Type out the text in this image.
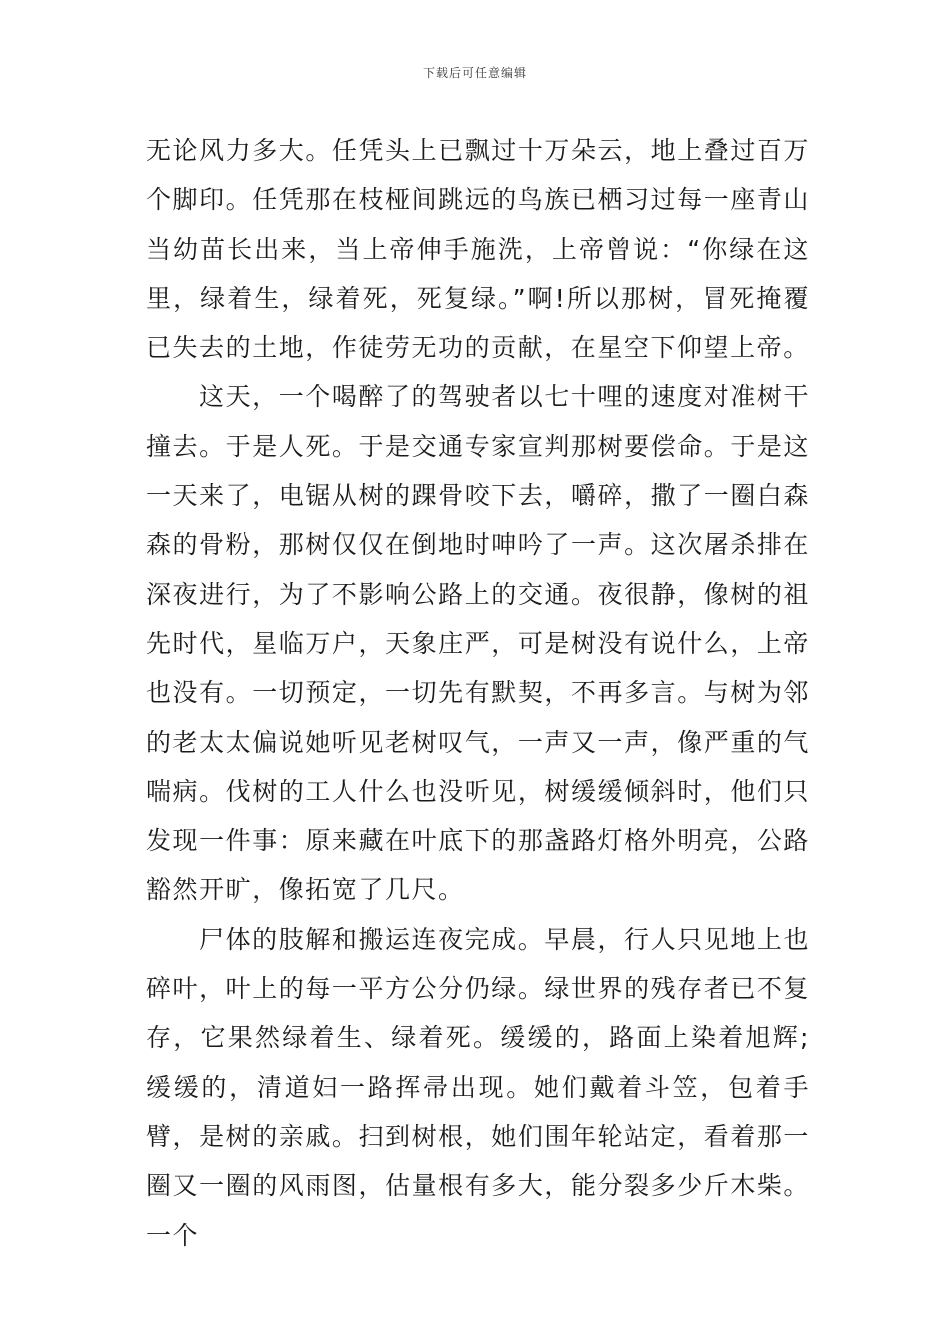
下载后可任意编辑

无论风力多大。任凭头上已飘过十万朵云，地上叠过百万个脚印。任凭那在枝桠间跳远的鸟族已栖习过每一座青山当幼苗长出来，当上帝伸手施洗，上帝曾说：“你绿在这里，绿着生，绿着死，死复绿。”啊!所以那树，冒死掩覆已失去的土地，作徒劳无功的贡献，在星空下仰望上帝。

这天，一个喝醉了的驾驶者以七十哩的速度对准树干撞去。于是人死。于是交通专家宣判那树要偿命。于是这一天来了，电锯从树的踝骨咬下去，嚼碎，撒了一圈白森森的骨粉，那树仅仅在倒地时呻吟了一声。这次屠杀排在深夜进行，为了不影响公路上的交通。夜很静，像树的祖先时代，星临万户，天象庄严，可是树没有说什么，上帝也没有。一切预定，一切先有默契，不再多言。与树为邻的老太太偏说她听见老树叹气，一声又一声，像严重的气喘病。伐树的工人什么也没听见，树缓缓倾斜时，他们只发现一件事：原来藏在叶底下的那盏路灯格外明亮，公路豁然开旷，像拓宽了几尺。

尸体的肢解和搬运连夜完成。早晨，行人只见地上也碎叶，叶上的每一平方公分仍绿。绿世界的残存者已不复存，它果然绿着生、绿着死。缓缓的，路面上染着旭辉;缓缓的，清道妇一路挥帚出现。她们戴着斗笠，包着手臂，是树的亲戚。扫到树根，她们围年轮站定，看着那一圈又一圈的风雨图，估量根有多大，能分裂多少斤木柴。一个
